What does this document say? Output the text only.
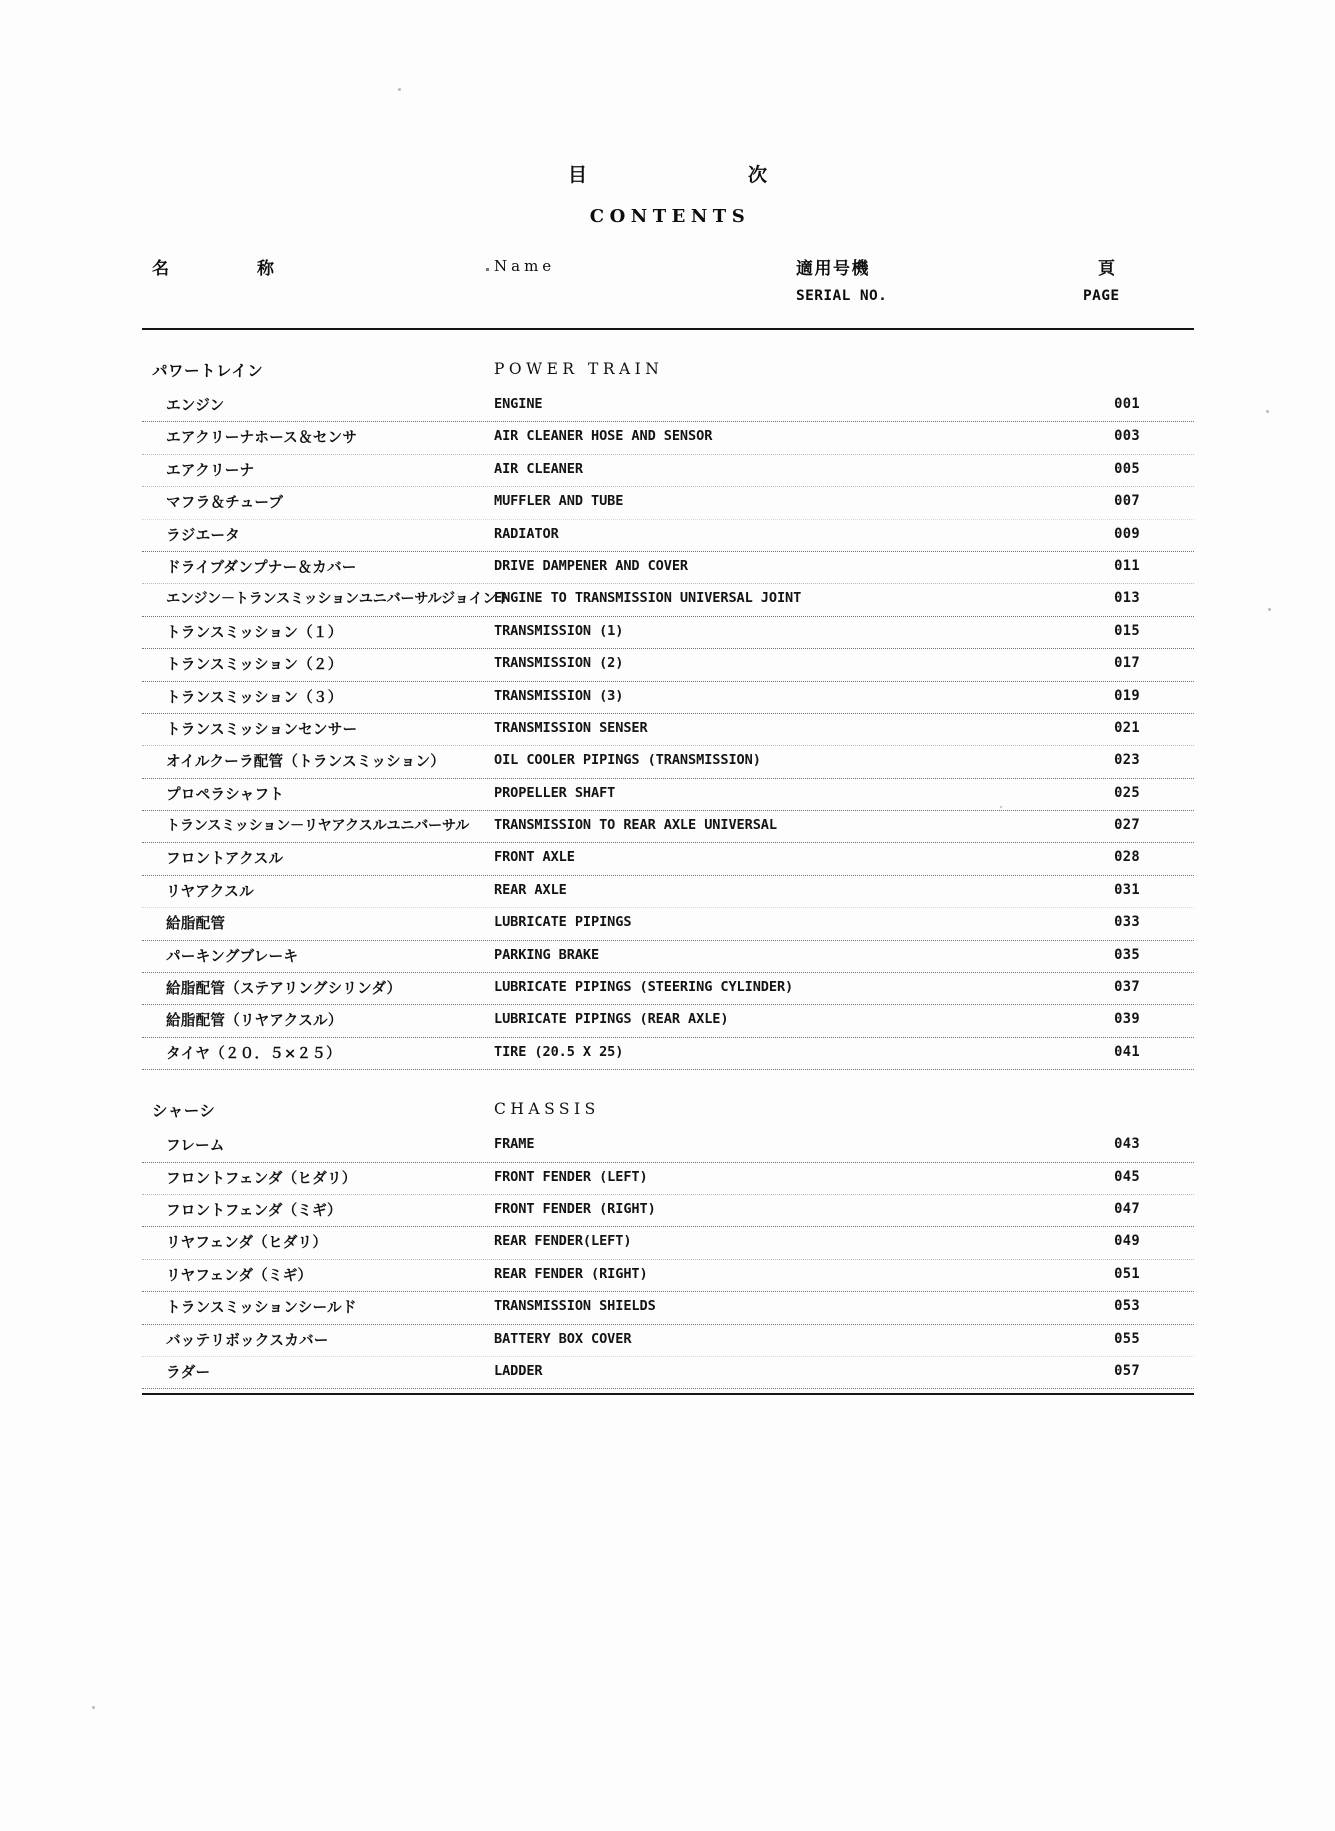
目　　　次
CONTENTS
名　　称	Name	適用号機
SERIAL NO.
頁
PAGE
パワートレイン	POWER TRAIN
エンジン	ENGINE	001
エアクリーナホース＆センサ	AIR CLEANER HOSE AND SENSOR	003
エアクリーナ	AIR CLEANER	005
マフラ＆チューブ	MUFFLER AND TUBE	007
ラジエータ	RADIATOR	009
ドライブダンプナー＆カバー	DRIVE DAMPENER AND COVER	011
エンジン－トランスミッションユニバーサルジョイント
ENGINE TO TRANSMISSION UNIVERSAL JOINT	013
トランスミッション（１）	TRANSMISSION (1)	015
トランスミッション（２）	TRANSMISSION (2)	017
トランスミッション（３）	TRANSMISSION (3)	019
トランスミッションセンサー	TRANSMISSION SENSER	021
オイルクーラ配管（トランスミッション）	OIL COOLER PIPINGS (TRANSMISSION)	023
プロペラシャフト	PROPELLER SHAFT	025
トランスミッション－リヤアクスルユニバーサル TRANSMISSION TO REAR AXLE UNIVERSAL	027
フロントアクスル	FRONT AXLE	028
リヤアクスル	REAR AXLE	031
給脂配管	LUBRICATE PIPINGS	033
パーキングブレーキ	PARKING BRAKE	035
給脂配管（ステアリングシリンダ）	LUBRICATE PIPINGS (STEERING CYLINDER)	037
給脂配管（リヤアクスル）	LUBRICATE PIPINGS (REAR AXLE)	039
タイヤ（２０．５×２５）	TIRE (20.5 X 25)	041
シャーシ	CHASSIS
フレーム	FRAME	043
フロントフェンダ（ヒダリ）	FRONT FENDER (LEFT)	045
フロントフェンダ（ミギ）	FRONT FENDER (RIGHT)	047
リヤフェンダ（ヒダリ）	REAR FENDER(LEFT)	049
リヤフェンダ（ミギ）	REAR FENDER (RIGHT)	051
トランスミッションシールド	TRANSMISSION SHIELDS	053
バッテリボックスカバー	BATTERY BOX COVER	055
ラダー	LADDER	057
